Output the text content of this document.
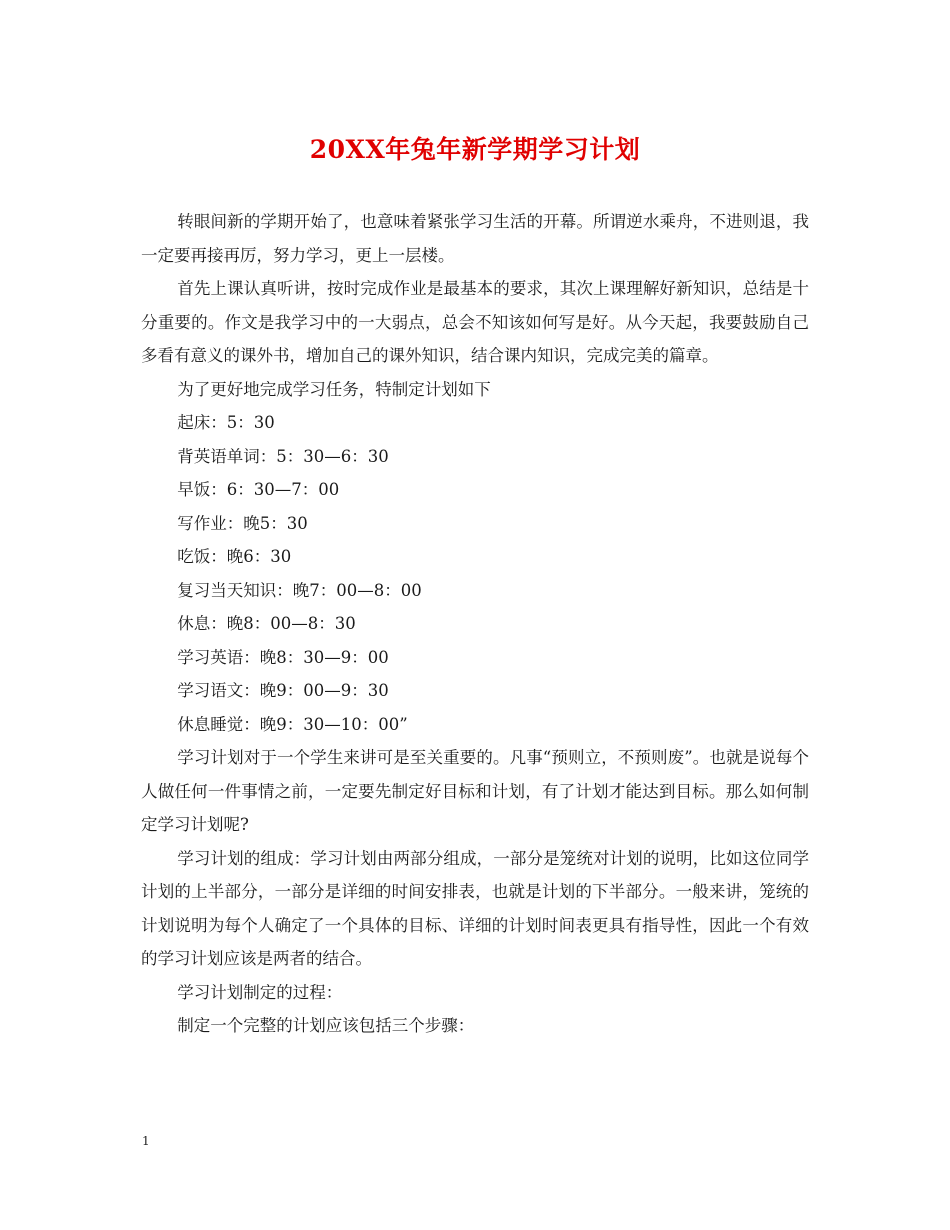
20XX年兔年新学期学习计划

转眼间新的学期开始了，也意味着紧张学习生活的开幕。所谓逆水乘舟，不进则退，我一定要再接再厉，努力学习，更上一层楼。

首先上课认真听讲，按时完成作业是最基本的要求，其次上课理解好新知识，总结是十分重要的。作文是我学习中的一大弱点，总会不知该如何写是好。从今天起，我要鼓励自己多看有意义的课外书，增加自己的课外知识，结合课内知识，完成完美的篇章。

为了更好地完成学习任务，特制定计划如下

起床：5：30

背英语单词：5：30—6：30

早饭：6：30—7：00

写作业：晚5：30

吃饭：晚6：30

复习当天知识：晚7：00—8：00

休息：晚8：00—8：30

学习英语：晚8：30—9：00

学习语文：晚9：00—9：30

休息睡觉：晚9：30—10：00”

学习计划对于一个学生来讲可是至关重要的。凡事“预则立，不预则废”。也就是说每个人做任何一件事情之前，一定要先制定好目标和计划，有了计划才能达到目标。那么如何制定学习计划呢?

学习计划的组成：学习计划由两部分组成，一部分是笼统对计划的说明，比如这位同学计划的上半部分，一部分是详细的时间安排表，也就是计划的下半部分。一般来讲，笼统的计划说明为每个人确定了一个具体的目标、详细的计划时间表更具有指导性，因此一个有效的学习计划应该是两者的结合。

学习计划制定的过程：

制定一个完整的计划应该包括三个步骤：

1
